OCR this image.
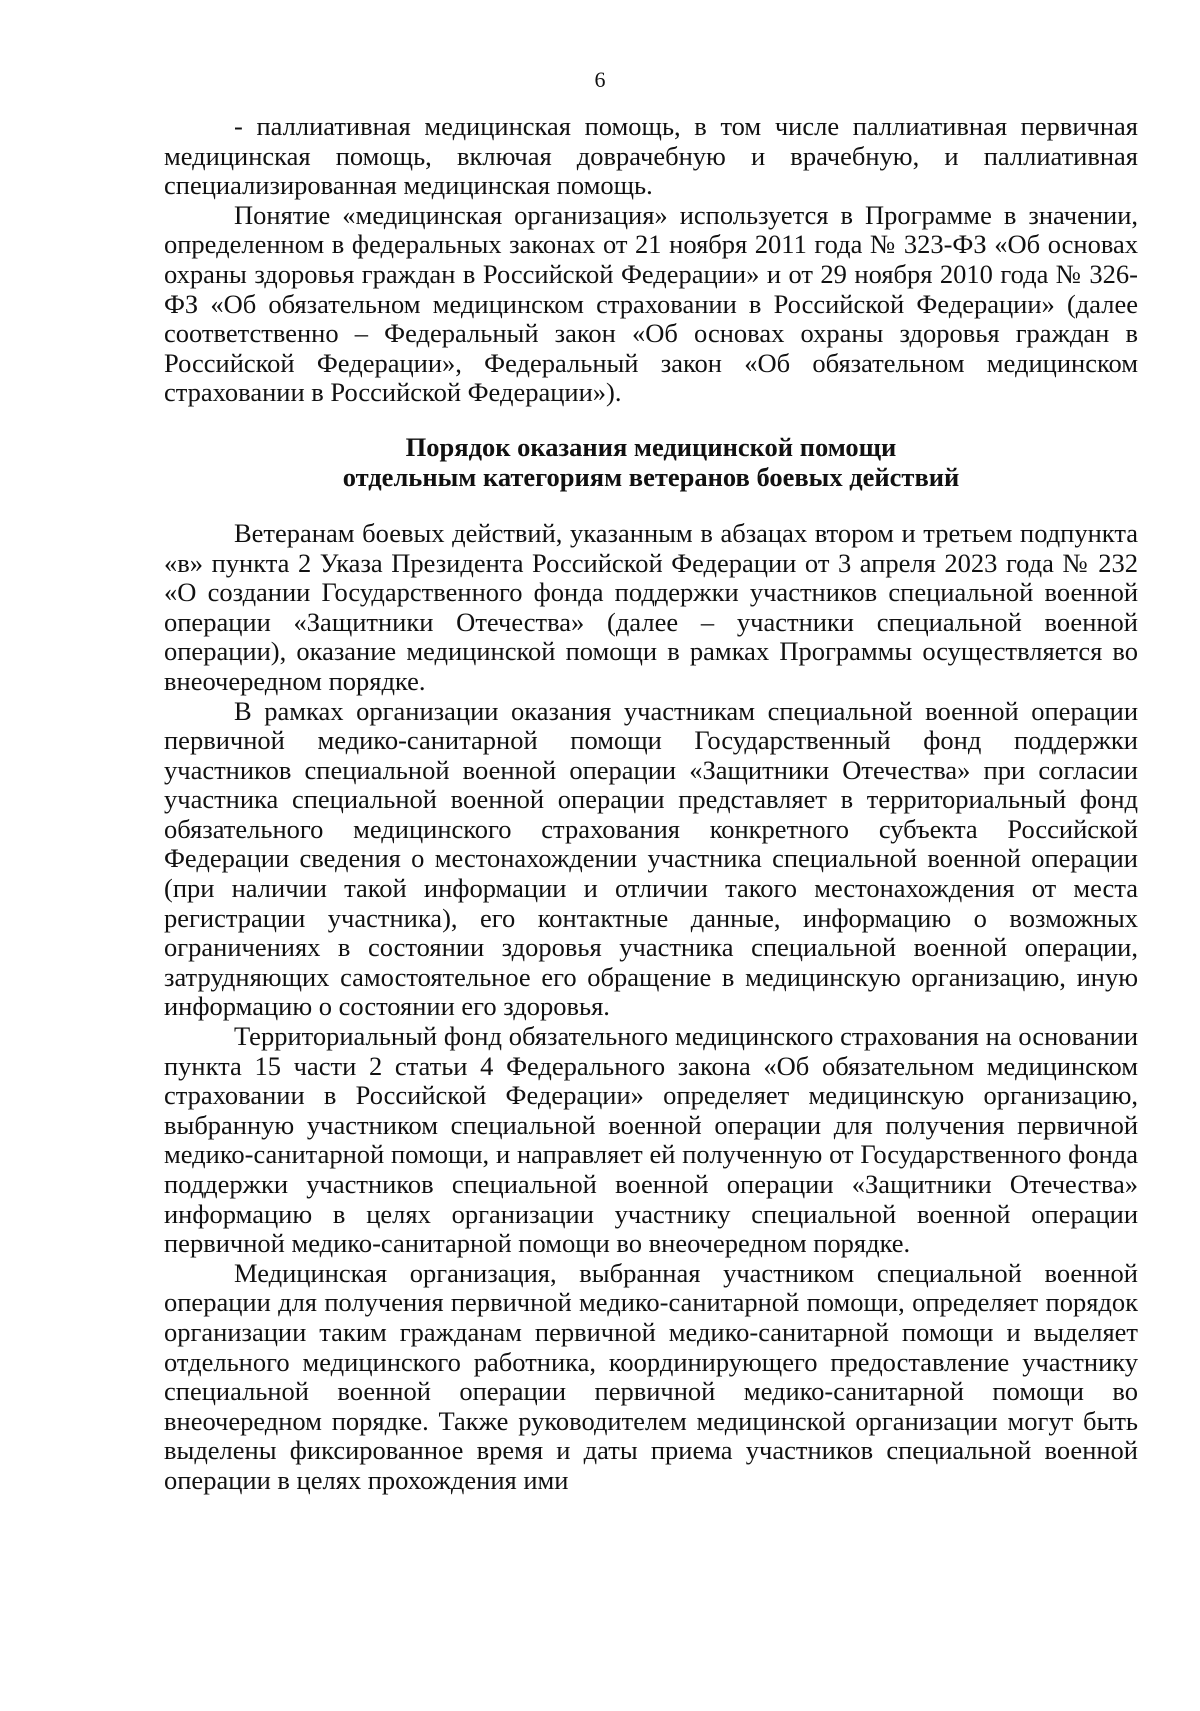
6

- паллиативная медицинская помощь, в том числе паллиативная первичная медицинская помощь, включая доврачебную и врачебную, и паллиативная специализированная медицинская помощь.

Понятие «медицинская организация» используется в Программе в значении, определенном в федеральных законах от 21 ноября 2011 года № 323-ФЗ «Об основах охраны здоровья граждан в Российской Федерации» и от 29 ноября 2010 года № 326-ФЗ «Об обязательном медицинском страховании в Российской Федерации» (далее соответственно – Федеральный закон «Об основах охраны здоровья граждан в Российской Федерации», Федеральный закон «Об обязательном медицинском страховании в Российской Федерации»).

Порядок оказания медицинской помощи

отдельным категориям ветеранов боевых действий

Ветеранам боевых действий, указанным в абзацах втором и третьем подпункта «в» пункта 2 Указа Президента Российской Федерации от 3 апреля 2023 года № 232 «О создании Государственного фонда поддержки участников специальной военной операции «Защитники Отечества» (далее – участники специальной военной операции), оказание медицинской помощи в рамках Программы осуществляется во внеочередном порядке.

В рамках организации оказания участникам специальной военной операции первичной медико-санитарной помощи Государственный фонд поддержки участников специальной военной операции «Защитники Отечества» при согласии участника специальной военной операции представляет в территориальный фонд обязательного медицинского страхования конкретного субъекта Российской Федерации сведения о местонахождении участника специальной военной операции (при наличии такой информации и отличии такого местонахождения от места регистрации участника), его контактные данные, информацию о возможных ограничениях в состоянии здоровья участника специальной военной операции, затрудняющих самостоятельное его обращение в медицинскую организацию, иную информацию о состоянии его здоровья.

Территориальный фонд обязательного медицинского страхования на основании пункта 15 части 2 статьи 4 Федерального закона «Об обязательном медицинском страховании в Российской Федерации» определяет медицинскую организацию, выбранную участником специальной военной операции для получения первичной медико-санитарной помощи, и направляет ей полученную от Государственного фонда поддержки участников специальной военной операции «Защитники Отечества» информацию в целях организации участнику специальной военной операции первичной медико-санитарной помощи во внеочередном порядке.

Медицинская организация, выбранная участником специальной военной операции для получения первичной медико-санитарной помощи, определяет порядок организации таким гражданам первичной медико-санитарной помощи и выделяет отдельного медицинского работника, координирующего предоставление участнику специальной военной операции первичной медико-санитарной помощи во внеочередном порядке. Также руководителем медицинской организации могут быть выделены фиксированное время и даты приема участников специальной военной операции в целях прохождения ими
